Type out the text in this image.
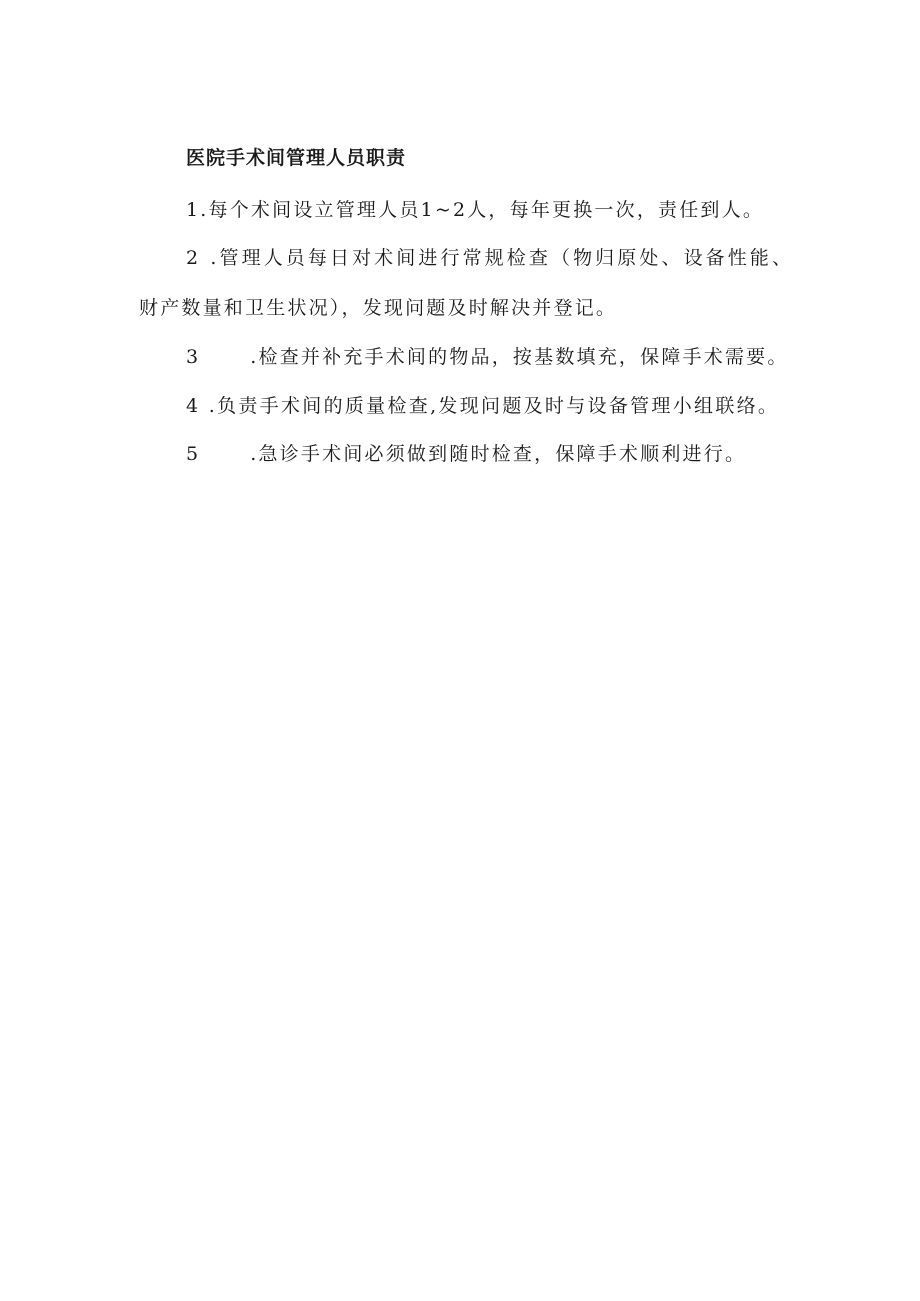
医院手术间管理人员职责
1.每个术间设立管理人员1~2人，每年更换一次，责任到人。
2 .管理人员每日对术间进行常规检查（物归原处、设备性能、
财产数量和卫生状况），发现问题及时解决并登记。
3	.检查并补充手术间的物品，按基数填充，保障手术需要。
4 .负责手术间的质量检查,发现问题及时与设备管理小组联络。
5	.急诊手术间必须做到随时检查，保障手术顺利进行。
